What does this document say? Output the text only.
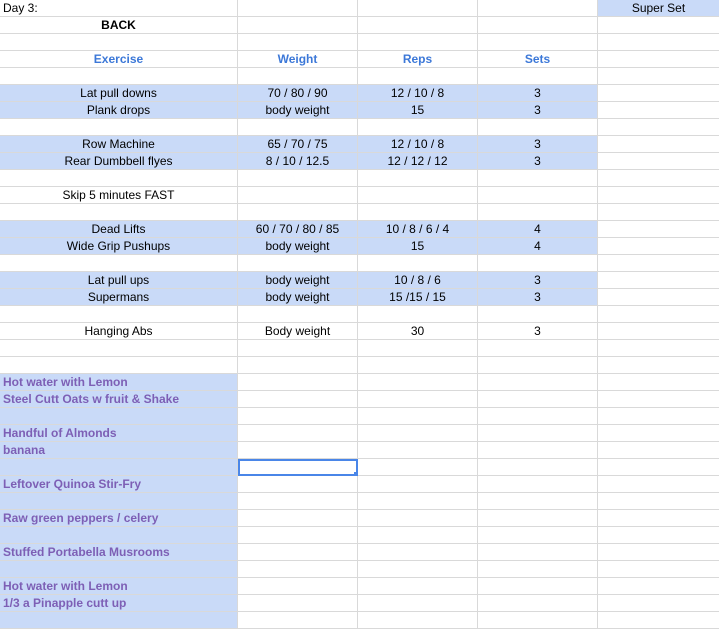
Day 3:	Super Set
BACK
Exercise	Weight	Reps	Sets
Lat pull downs	70 / 80 / 90	12 / 10 / 8	3
Plank drops	body weight	15	3
Row Machine	65 / 70 / 75	12 / 10 / 8	3
Rear Dumbbell flyes	8 / 10 / 12.5	12 / 12 / 12	3
Skip 5 minutes FAST
Dead Lifts	60 / 70 / 80 / 85	10 / 8 / 6 / 4	4
Wide Grip Pushups	body weight	15	4
Lat pull ups	body weight	10 / 8 / 6	3
Supermans	body weight	15 /15 / 15	3
Hanging Abs	Body weight	30	3
Hot water with Lemon
Steel Cutt Oats w fruit & Shake
Handful of Almonds
banana
Leftover Quinoa Stir-Fry
Raw green peppers / celery
Stuffed Portabella Musrooms
Hot water with Lemon
1/3 a Pinapple cutt up
